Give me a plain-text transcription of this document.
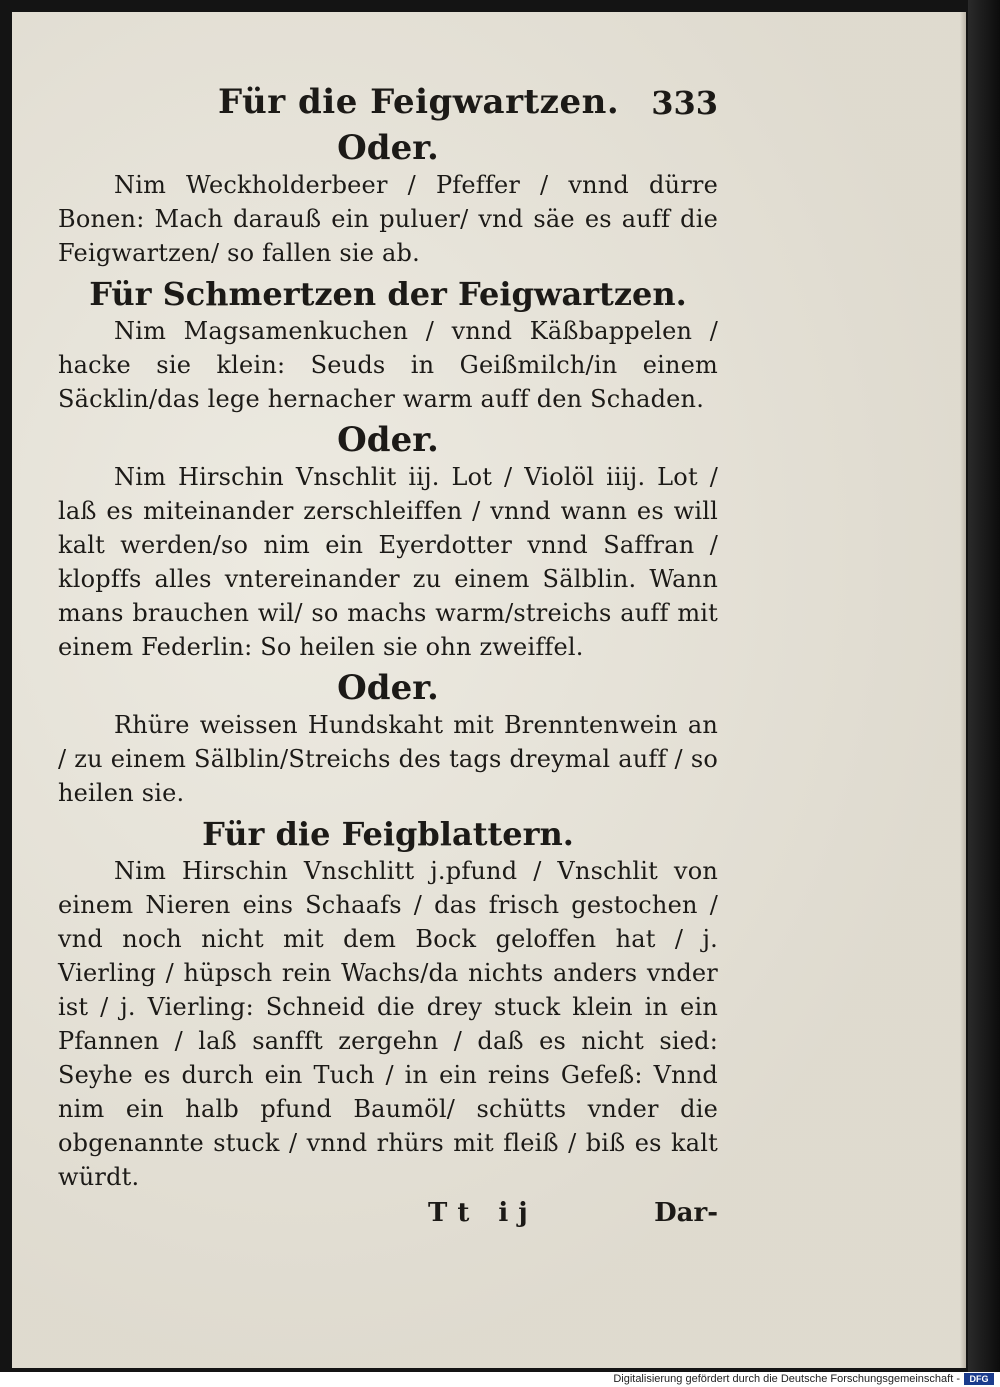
Für die Feigwartzen. 333
Oder.

Nim Weckholderbeer / Pfeffer / vnnd dürre Bonen: Mach darauß ein puluer/ vnd säe es auff die Feigwartzen/ so fallen sie ab.

Für Schmertzen der Feigwartzen.

Nim Magsamenkuchen / vnnd Käßbappelen / hacke sie klein: Seuds in Geißmilch/in einem Säcklin/das lege hernacher warm auff den Schaden.

Oder.

Nim Hirschin Vnschlit iij. Lot / Violöl iiij. Lot / laß es miteinander zerschleiffen / vnnd wann es will kalt werden/so nim ein Eyerdotter vnnd Saffran / klopffs alles vntereinander zu einem Sälblin. Wann mans brauchen wil/ so machs warm/streichs auff mit einem Federlin: So heilen sie ohn zweiffel.

Oder.

Rhüre weissen Hundskaht mit Brenntenwein an / zu einem Sälblin/Streichs des tags dreymal auff / so heilen sie.

Für die Feigblattern.

Nim Hirschin Vnschlitt j.pfund / Vnschlit von einem Nieren eins Schaafs / das frisch gestochen / vnd noch nicht mit dem Bock geloffen hat / j. Vierling / hüpsch rein Wachs/da nichts anders vnder ist / j. Vierling: Schneid die drey stuck klein in ein Pfannen / laß sanfft zergehn / daß es nicht sied: Seyhe es durch ein Tuch / in ein reins Gefeß: Vnnd nim ein halb pfund Baumöl/ schütts vnder die obgenannte stuck / vnnd rhürs mit fleiß / biß es kalt würdt.

Tt ij	Dar-
Digitalisierung gefördert durch die Deutsche Forschungsgemeinschaft -	DFG
